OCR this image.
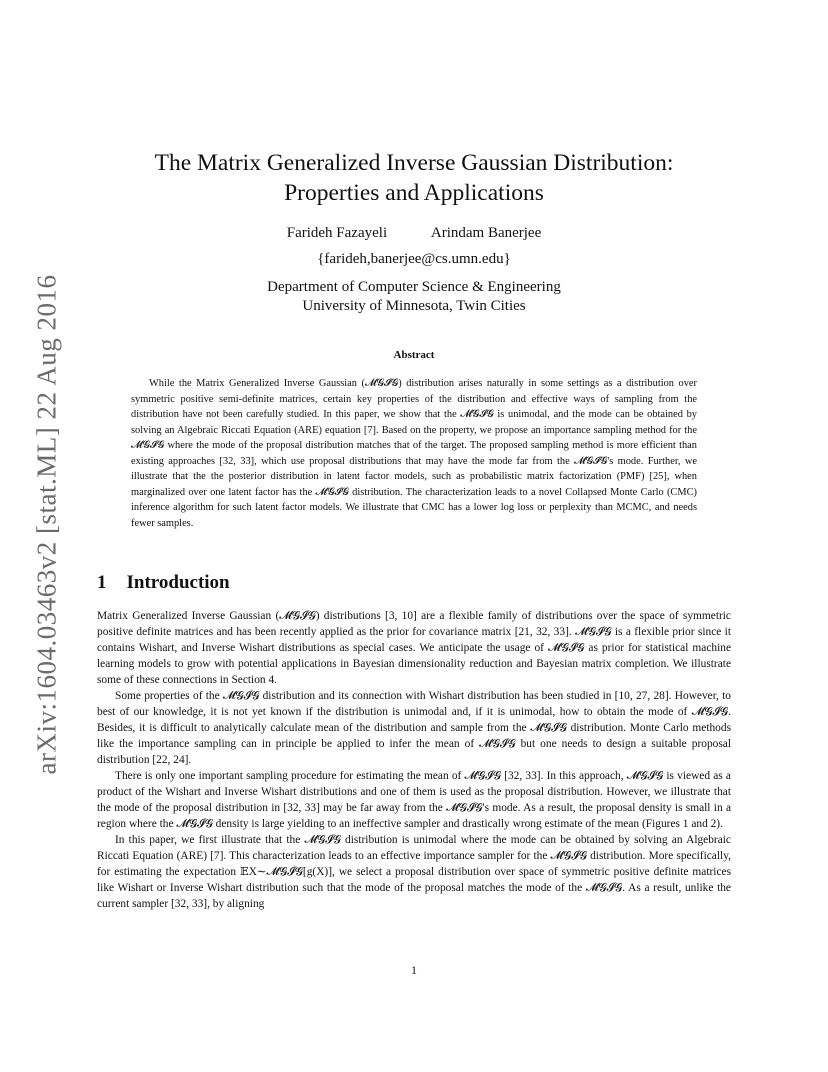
arXiv:1604.03463v2 [stat.ML] 22 Aug 2016
The Matrix Generalized Inverse Gaussian Distribution:
Properties and Applications
Farideh Fazayeli	Arindam Banerjee
{farideh,banerjee@cs.umn.edu}
Department of Computer Science & Engineering
University of Minnesota, Twin Cities
Abstract

While the Matrix Generalized Inverse Gaussian (𝓜𝓖𝓘𝓖) distribution arises naturally in some settings as a distribution over symmetric positive semi-definite matrices, certain key properties of the distribution and effective ways of sampling from the distribution have not been carefully studied. In this paper, we show that the 𝓜𝓖𝓘𝓖 is unimodal, and the mode can be obtained by solving an Algebraic Riccati Equation (ARE) equation [7]. Based on the property, we propose an importance sampling method for the 𝓜𝓖𝓘𝓖 where the mode of the proposal distribution matches that of the target. The proposed sampling method is more efficient than existing approaches [32, 33], which use proposal distributions that may have the mode far from the 𝓜𝓖𝓘𝓖's mode. Further, we illustrate that the the posterior distribution in latent factor models, such as probabilistic matrix factorization (PMF) [25], when marginalized over one latent factor has the 𝓜𝓖𝓘𝓖 distribution. The characterization leads to a novel Collapsed Monte Carlo (CMC) inference algorithm for such latent factor models. We illustrate that CMC has a lower log loss or perplexity than MCMC, and needs fewer samples.

1 Introduction

Matrix Generalized Inverse Gaussian (𝓜𝓖𝓘𝓖) distributions [3, 10] are a flexible family of distributions over the space of symmetric positive definite matrices and has been recently applied as the prior for covariance matrix [21, 32, 33]. 𝓜𝓖𝓘𝓖 is a flexible prior since it contains Wishart, and Inverse Wishart distributions as special cases. We anticipate the usage of 𝓜𝓖𝓘𝓖 as prior for statistical machine learning models to grow with potential applications in Bayesian dimensionality reduction and Bayesian matrix completion. We illustrate some of these connections in Section 4.

Some properties of the 𝓜𝓖𝓘𝓖 distribution and its connection with Wishart distribution has been studied in [10, 27, 28]. However, to best of our knowledge, it is not yet known if the distribution is unimodal and, if it is unimodal, how to obtain the mode of 𝓜𝓖𝓘𝓖. Besides, it is difficult to analytically calculate mean of the distribution and sample from the 𝓜𝓖𝓘𝓖 distribution. Monte Carlo methods like the importance sampling can in principle be applied to infer the mean of 𝓜𝓖𝓘𝓖 but one needs to design a suitable proposal distribution [22, 24].

There is only one important sampling procedure for estimating the mean of 𝓜𝓖𝓘𝓖 [32, 33]. In this approach, 𝓜𝓖𝓘𝓖 is viewed as a product of the Wishart and Inverse Wishart distributions and one of them is used as the proposal distribution. However, we illustrate that the mode of the proposal distribution in [32, 33] may be far away from the 𝓜𝓖𝓘𝓖's mode. As a result, the proposal density is small in a region where the 𝓜𝓖𝓘𝓖 density is large yielding to an ineffective sampler and drastically wrong estimate of the mean (Figures 1 and 2).

In this paper, we first illustrate that the 𝓜𝓖𝓘𝓖 distribution is unimodal where the mode can be obtained by solving an Algebraic Riccati Equation (ARE) [7]. This characterization leads to an effective importance sampler for the 𝓜𝓖𝓘𝓖 distribution. More specifically, for estimating the expectation 𝔼X∼𝓜𝓖𝓘𝓖[g(X)], we select a proposal distribution over space of symmetric positive definite matrices like Wishart or Inverse Wishart distribution such that the mode of the proposal matches the mode of the 𝓜𝓖𝓘𝓖. As a result, unlike the current sampler [32, 33], by aligning

1
